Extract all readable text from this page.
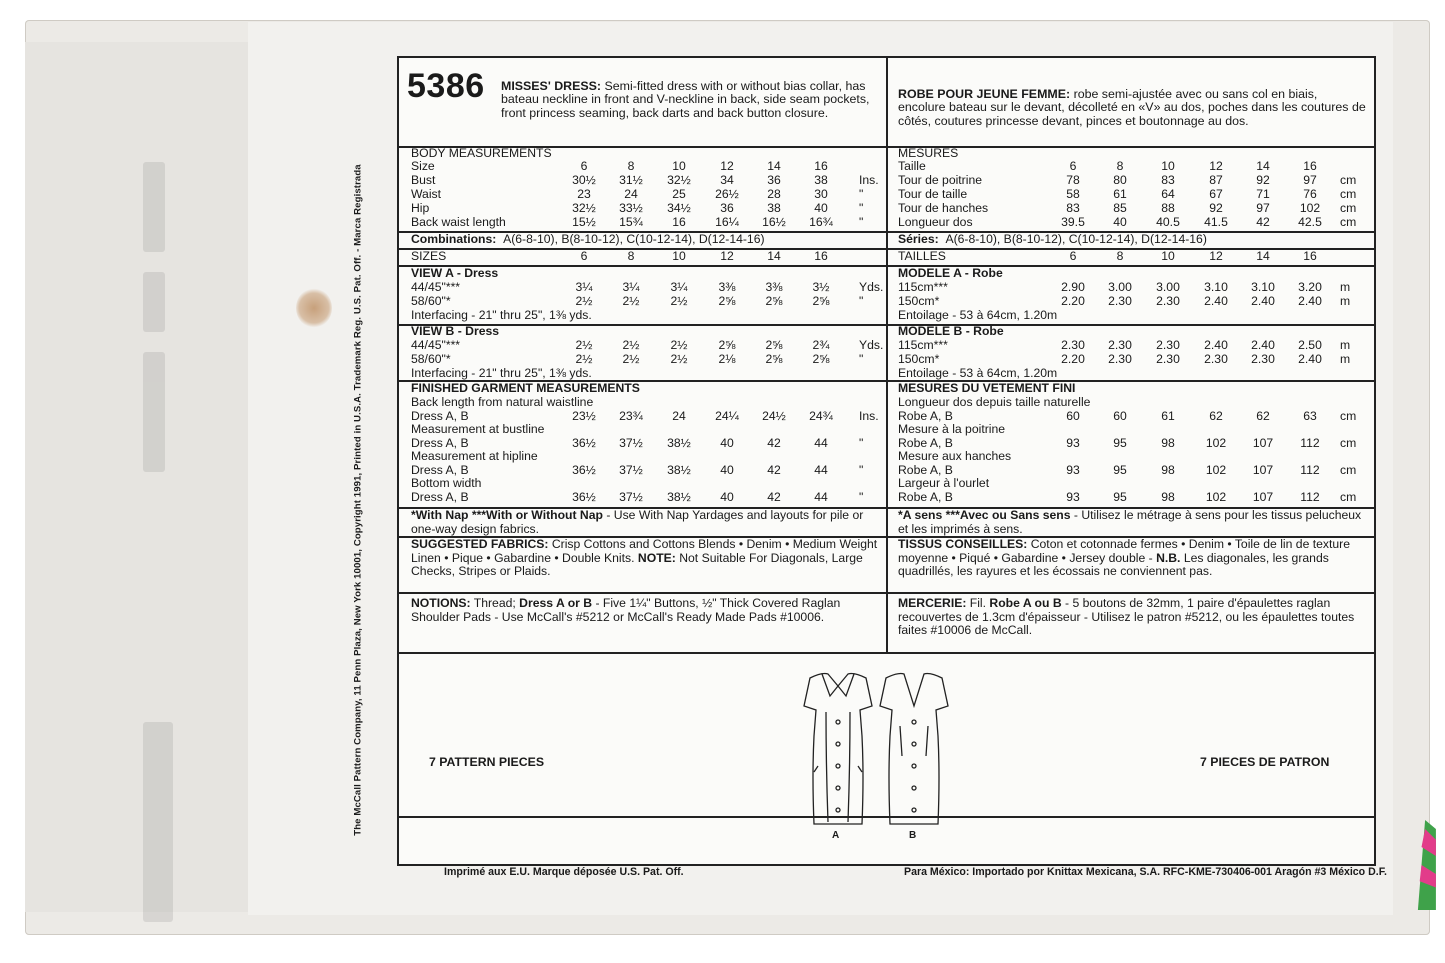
The McCall Pattern Company, 11 Penn Plaza, New York 10001, Copyright 1991, Printed in U.S.A. Trademark Reg. U.S. Pat. Off. - Marca Registrada
5386 MISSES' DRESS: Semi-fitted dress with or without bias collar, has bateau neckline in front and V-neckline in back, side seam pockets, front princess seaming, back darts and back button closure.
BODY MEASUREMENTS
Combinations: A(6-8-10), B(8-10-12), C(10-12-14), D(12-14-16)
SIZES
VIEW A - Dress
Interfacing - 21" thru 25", 1⅜ yds.
VIEW B - Dress
Interfacing - 21" thru 25", 1⅜ yds.
FINISHED GARMENT MEASUREMENTS
*With Nap ***With or Without Nap - Use With Nap Yardages and layouts for pile or one-way design fabrics.
SUGGESTED FABRICS: Crisp Cottons and Cottons Blends • Denim • Medium Weight Linen • Pique • Gabardine • Double Knits. NOTE: Not Suitable For Diagonals, Large Checks, Stripes or Plaids.
NOTIONS: Thread; Dress A or B - Five 1¼" Buttons, ½" Thick Covered Raglan Shoulder Pads - Use McCall's #5212 or McCall's Ready Made Pads #10006.
7 PATTERN PIECES
Size	6	8	10	12	14	16
Bust	30½	31½	32½	34	36	38	Ins.
Waist	23	24	25	26½	28	30	"
Hip	32½	33½	34½	36	38	40	"
Back waist length	15½	15¾	16	16¼	16½	16¾	"
44/45"***	3¼	3¼	3¼	3⅜	3⅜	3½	Yds.
58/60"*	2½	2½	2½	2⅝	2⅝	2⅝	"
44/45"***	2½	2½	2½	2⅝	2⅝	2¾	Yds.
58/60"*	2½	2½	2½	2⅛	2⅝	2⅝	"
6	8	10	12	14	16
Back length from natural waistline
Dress A, B	23½	23¾	24	24¼	24½	24¾	Ins.
Measurement at bustline
Dress A, B	36½	37½	38½	40	42	44	"
Measurement at hipline
Dress A, B	36½	37½	38½	40	42	44	"
Bottom width
Dress A, B	36½	37½	38½	40	42	44	"
ROBE POUR JEUNE FEMME: robe semi-ajustée avec ou sans col en biais, encolure bateau sur le devant, décolleté en «V» au dos, poches dans les coutures de côtés, coutures princesse devant, pinces et boutonnage au dos.
MESURES
Séries: A(6-8-10), B(8-10-12), C(10-12-14), D(12-14-16)
TAILLES
MODELE A - Robe
Entoilage - 53 à 64cm, 1.20m
MODELE B - Robe
Entoilage - 53 à 64cm, 1.20m
MESURES DU VETEMENT FINI
*A sens ***Avec ou Sans sens - Utilisez le métrage à sens pour les tissus pelucheux et les imprimés à sens.
TISSUS CONSEILLES: Coton et cotonnade fermes • Denim • Toile de lin de texture moyenne • Piqué • Gabardine • Jersey double - N.B. Les diagonales, les grands quadrillés, les rayures et les écossais ne conviennent pas.
MERCERIE: Fil. Robe A ou B - 5 boutons de 32mm, 1 paire d'épaulettes raglan recouvertes de 1.3cm d'épaisseur - Utilisez le patron #5212, ou les épaulettes toutes faites #10006 de McCall.
7 PIECES DE PATRON
Taille	6	8	10	12	14	16
Tour de poitrine	78	80	83	87	92	97	cm
Tour de taille	58	61	64	67	71	76	cm
Tour de hanches	83	85	88	92	97	102	cm
Longueur dos	39.5	40	40.5	41.5	42	42.5	cm
115cm***	2.90	3.00	3.00	3.10	3.10	3.20	m
150cm*	2.20	2.30	2.30	2.40	2.40	2.40	m
115cm***	2.30	2.30	2.30	2.40	2.40	2.50	m
150cm*	2.20	2.30	2.30	2.30	2.30	2.40	m
6	8	10	12	14	16
Longueur dos depuis taille naturelle
Robe A, B	60	60	61	62	62	63	cm
Mesure à la poitrine
Robe A, B	93	95	98	102	107	112	cm
Mesure aux hanches
Robe A, B	93	95	98	102	107	112	cm
Largeur à l'ourlet
Robe A, B	93	95	98	102	107	112	cm
A	B
Imprimé aux E.U. Marque déposée U.S. Pat. Off.	Para México: Importado por Knittax Mexicana, S.A. RFC-KME-730406-001 Aragón #3 México D.F.
